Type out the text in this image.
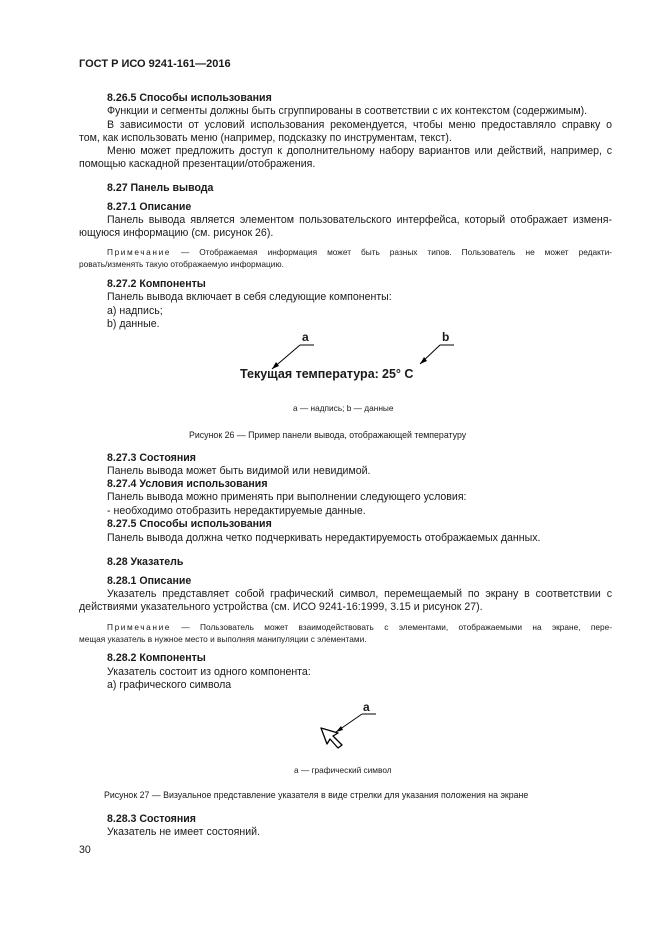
ГОСТ Р ИСО 9241-161—2016
8.26.5 Способы использования
Функции и сегменты должны быть сгруппированы в соответствии с их контекстом (содержимым).
В зависимости от условий использования рекомендуется, чтобы меню предоставляло справку о
том, как использовать меню (например, подсказку по инструментам, текст).
Меню может предложить доступ к дополнительному набору вариантов или действий, например, с
помощью каскадной презентации/отображения.
8.27 Панель вывода
8.27.1 Описание
Панель вывода является элементом пользовательского интерфейса, который отображает изменя-
ющуюся информацию (см. рисунок 26).
Примечание — Отображаемая информация может быть разных типов. Пользователь не может редакти-
ровать/изменять такую отображаемую информацию.
8.27.2 Компоненты
Панель вывода включает в себя следующие компоненты:
a) надпись;
b) данные.
a	b
Текущая температура: 25° C
a — надпись; b — данные
Рисунок 26 — Пример панели вывода, отображающей температуру
8.27.3 Состояния
Панель вывода может быть видимой или невидимой.
8.27.4 Условия использования
Панель вывода можно применять при выполнении следующего условия:
- необходимо отобразить нередактируемые данные.
8.27.5 Способы использования
Панель вывода должна четко подчеркивать нередактируемость отображаемых данных.
8.28 Указатель
8.28.1 Описание
Указатель представляет собой графический символ, перемещаемый по экрану в соответствии с
действиями указательного устройства (см. ИСО 9241-16:1999, 3.15 и рисунок 27).
Примечание — Пользователь может взаимодействовать с элементами, отображаемыми на экране, пере-
мещая указатель в нужное место и выполняя манипуляции с элементами.
8.28.2 Компоненты
Указатель состоит из одного компонента:
a) графического символа
a
a — графический символ
Рисунок 27 — Визуальное представление указателя в виде стрелки для указания положения на экране
8.28.3 Состояния
Указатель не имеет состояний.
30
